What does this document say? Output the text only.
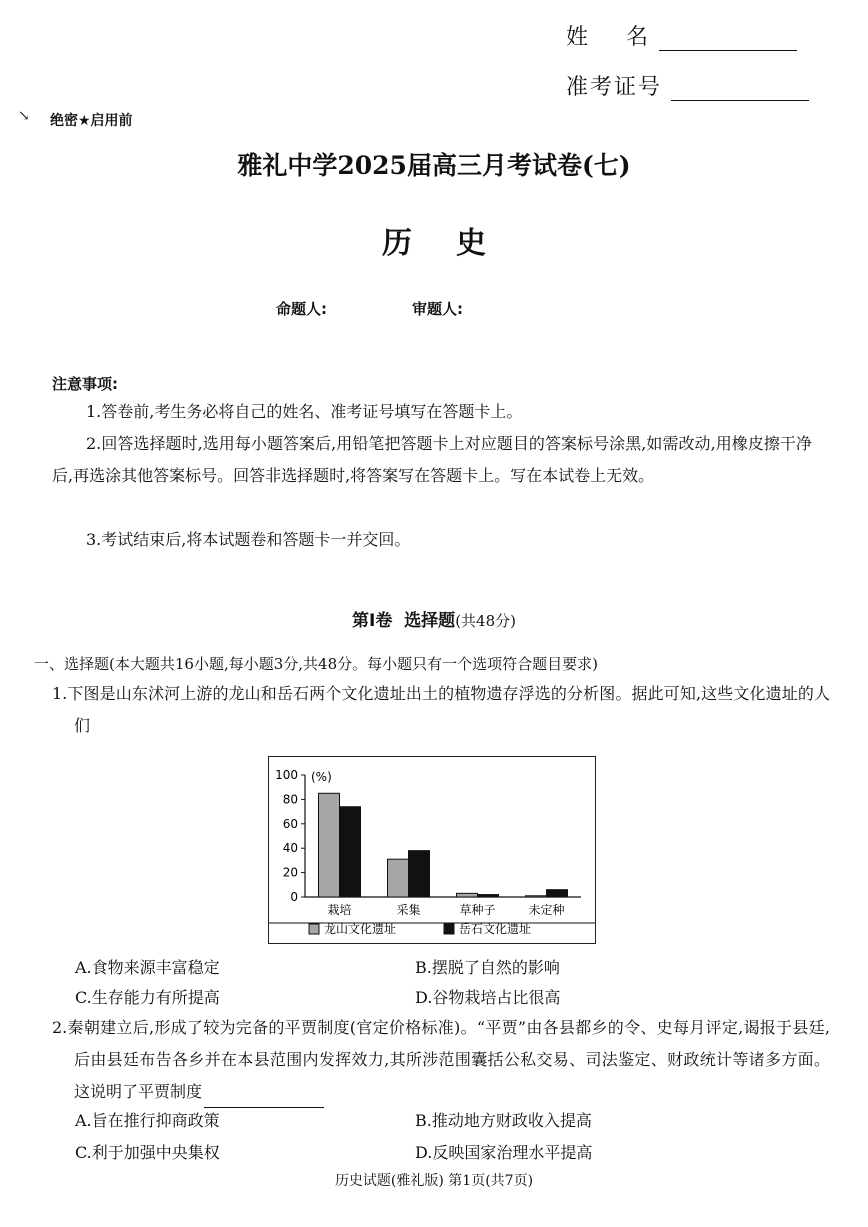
姓    名
准考证号
↘ 绝密★启用前
雅礼中学2025届高三月考试卷(七)
历史
命题人:	审题人:
注意事项:
1.答卷前,考生务必将自己的姓名、准考证号填写在答题卡上。
2.回答选择题时,选用每小题答案后,用铅笔把答题卡上对应题目的答案标号涂黑,如需改动,用橡皮擦干净后,再选涂其他答案标号。回答非选择题时,将答案写在答题卡上。写在本试卷上无效。
3.考试结束后,将本试题卷和答题卡一并交回。
第Ⅰ卷  选择题(共48分)
一、选择题(本大题共16小题,每小题3分,共48分。每小题只有一个选项符合题目要求)
1.下图是山东沭河上游的龙山和岳石两个文化遗址出土的植物遗存浮选的分析图。据此可知,这些文化遗址的人们
0
20
40
60
80
100 (%)
栽培	采集	草种子	未定种
龙山文化遗址	岳石文化遗址
A.食物来源丰富稳定	B.摆脱了自然的影响
C.生存能力有所提高	D.谷物栽培占比很高
2.秦朝建立后,形成了较为完备的平贾制度(官定价格标准)。“平贾”由各县都乡的令、史每月评定,谒报于县廷,后由县廷布告各乡并在本县范围内发挥效力,其所涉范围囊括公私交易、司法鉴定、财政统计等诸多方面。这说明了平贾制度
A.旨在推行抑商政策	B.推动地方财政收入提高
C.利于加强中央集权	D.反映国家治理水平提高
历史试题(雅礼版) 第1页(共7页)
